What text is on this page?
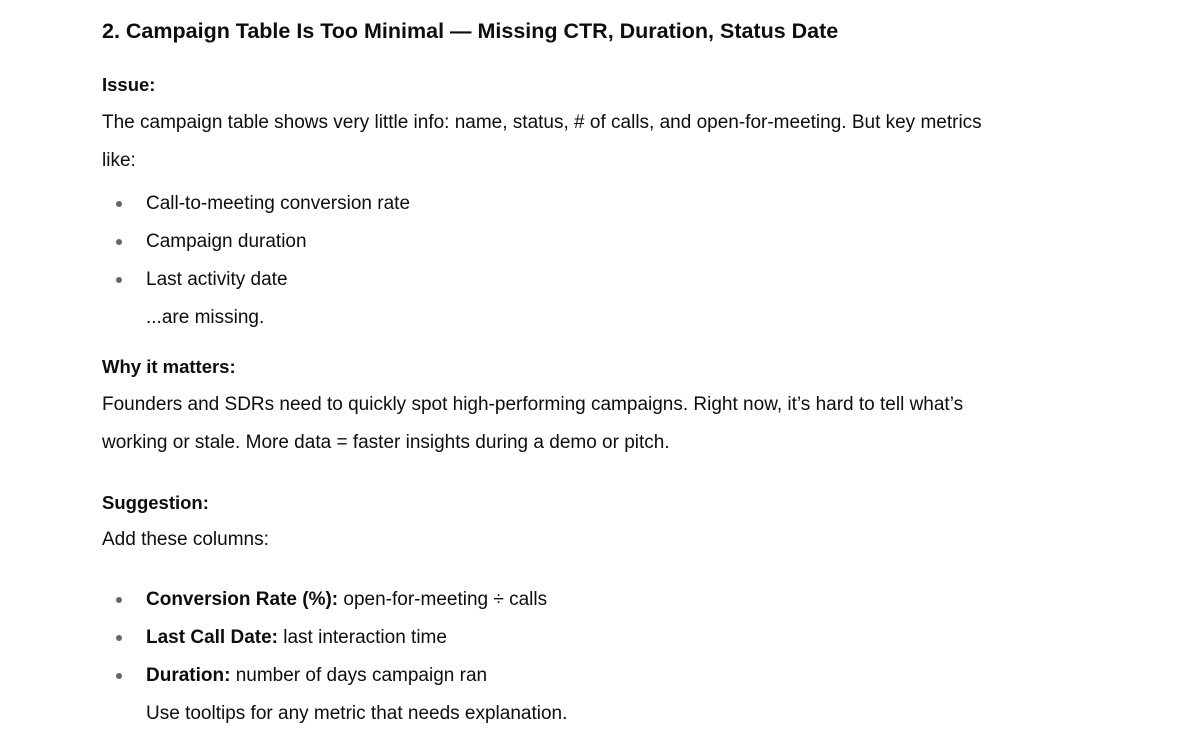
2. Campaign Table Is Too Minimal — Missing CTR, Duration, Status Date
Issue:
The campaign table shows very little info: name, status, # of calls, and open-for-meeting. But key metrics
like:
Call-to-meeting conversion rate
Campaign duration
Last activity date
...are missing.
Why it matters:
Founders and SDRs need to quickly spot high-performing campaigns. Right now, it’s hard to tell what’s
working or stale. More data = faster insights during a demo or pitch.
Suggestion:
Add these columns:
Conversion Rate (%): open-for-meeting ÷ calls
Last Call Date: last interaction time
Duration: number of days campaign ran
Use tooltips for any metric that needs explanation.
